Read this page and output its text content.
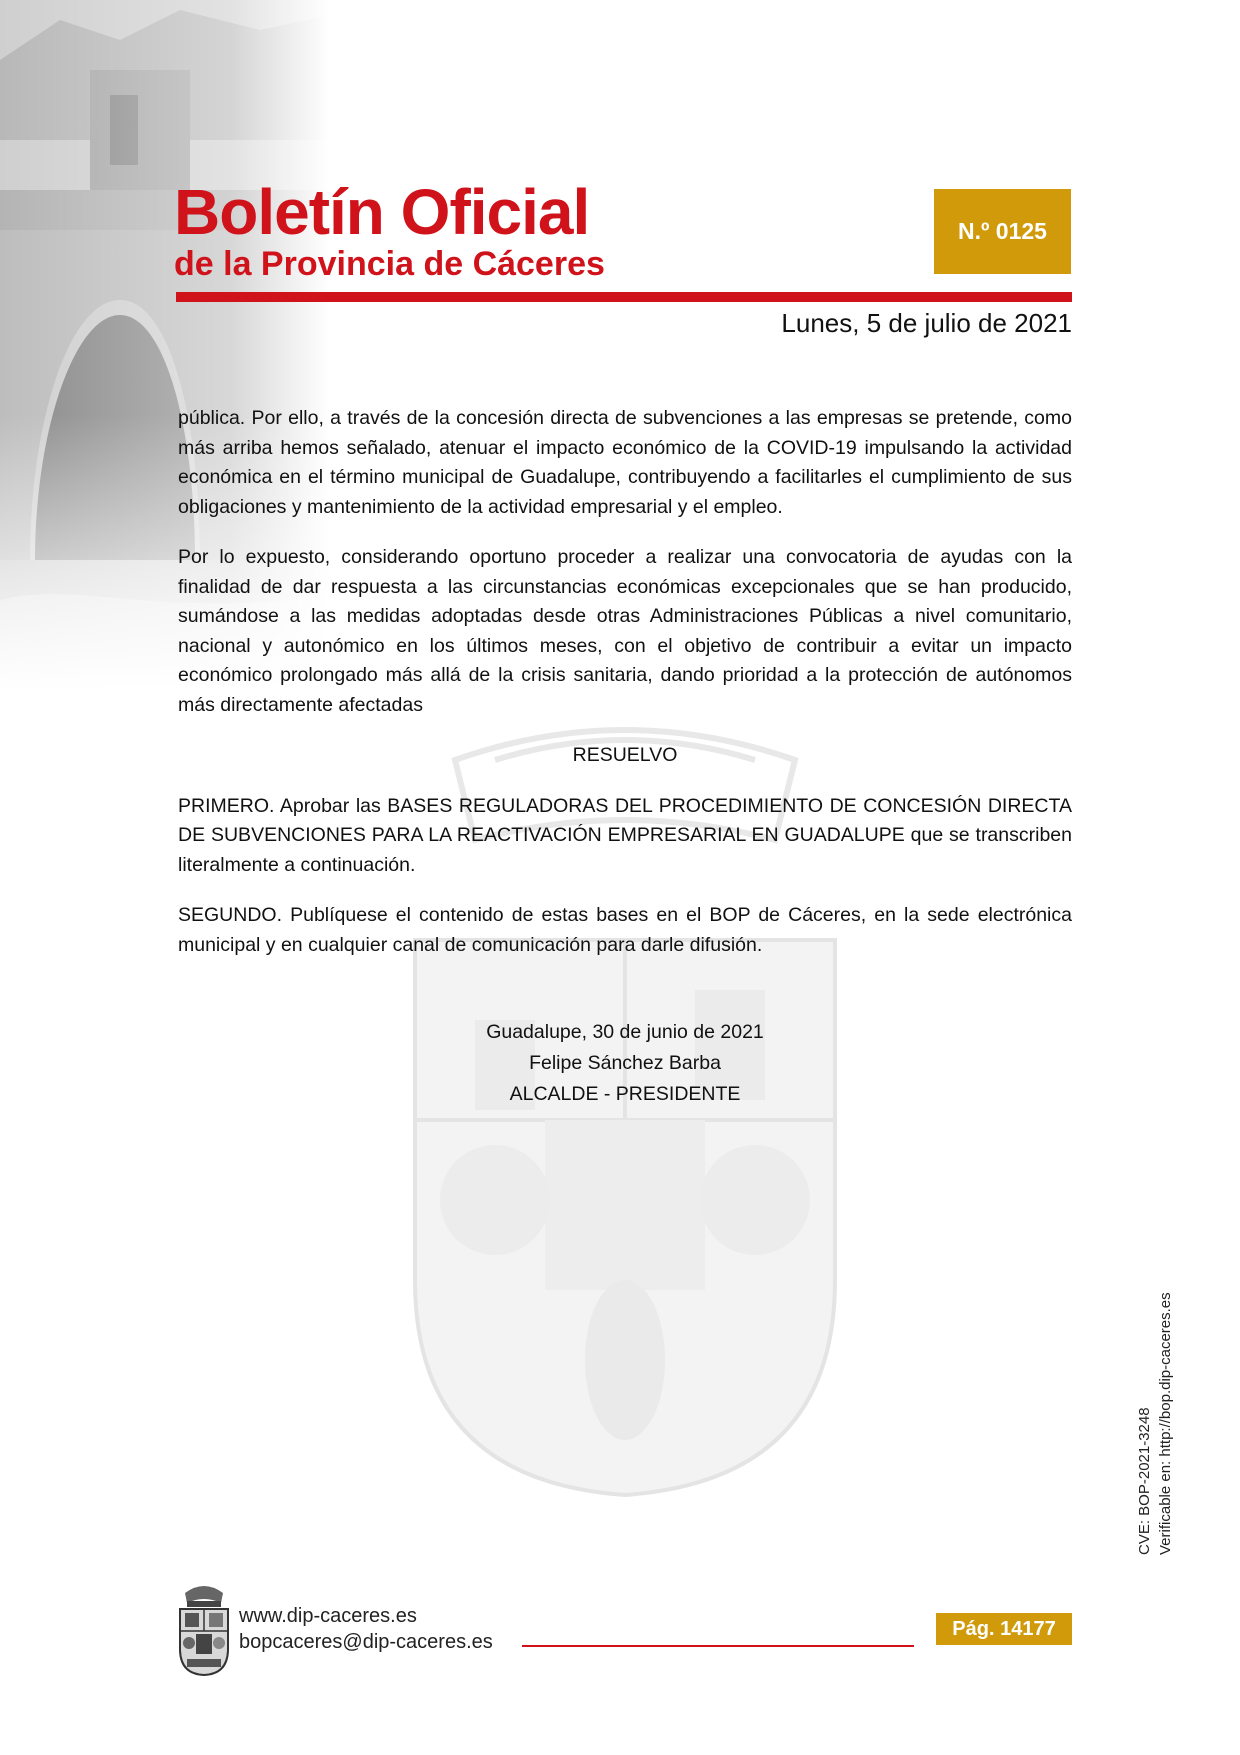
Boletín Oficial
de la Provincia de Cáceres
N.º 0125
Lunes, 5 de julio de 2021

pública. Por ello, a través de la concesión directa de subvenciones a las empresas se pretende, como más arriba hemos señalado, atenuar el impacto económico de la COVID-19 impulsando la actividad económica en el término municipal de Guadalupe, contribuyendo a facilitarles el cumplimiento de sus obligaciones y mantenimiento de la actividad empresarial y el empleo.

Por lo expuesto, considerando oportuno proceder a realizar una convocatoria de ayudas con la finalidad de dar respuesta a las circunstancias económicas excepcionales que se han producido, sumándose a las medidas adoptadas desde otras Administraciones Públicas a nivel comunitario, nacional y autonómico en los últimos meses, con el objetivo de contribuir a evitar un impacto económico prolongado más allá de la crisis sanitaria, dando prioridad a la protección de autónomos más directamente afectadas

RESUELVO

PRIMERO. Aprobar las BASES REGULADORAS DEL PROCEDIMIENTO DE CONCESIÓN DIRECTA DE SUBVENCIONES PARA LA REACTIVACIÓN EMPRESARIAL EN GUADALUPE que se transcriben literalmente a continuación.

SEGUNDO. Publíquese el contenido de estas bases en el BOP de Cáceres, en la sede electrónica municipal y en cualquier canal de comunicación para darle difusión.

Guadalupe, 30 de junio de 2021
Felipe Sánchez Barba
ALCALDE - PRESIDENTE
www.dip-caceres.es
bopcaceres@dip-caceres.es
Pág. 14177
CVE: BOP-2021-3248 Verificable en: http://bop.dip-caceres.es
